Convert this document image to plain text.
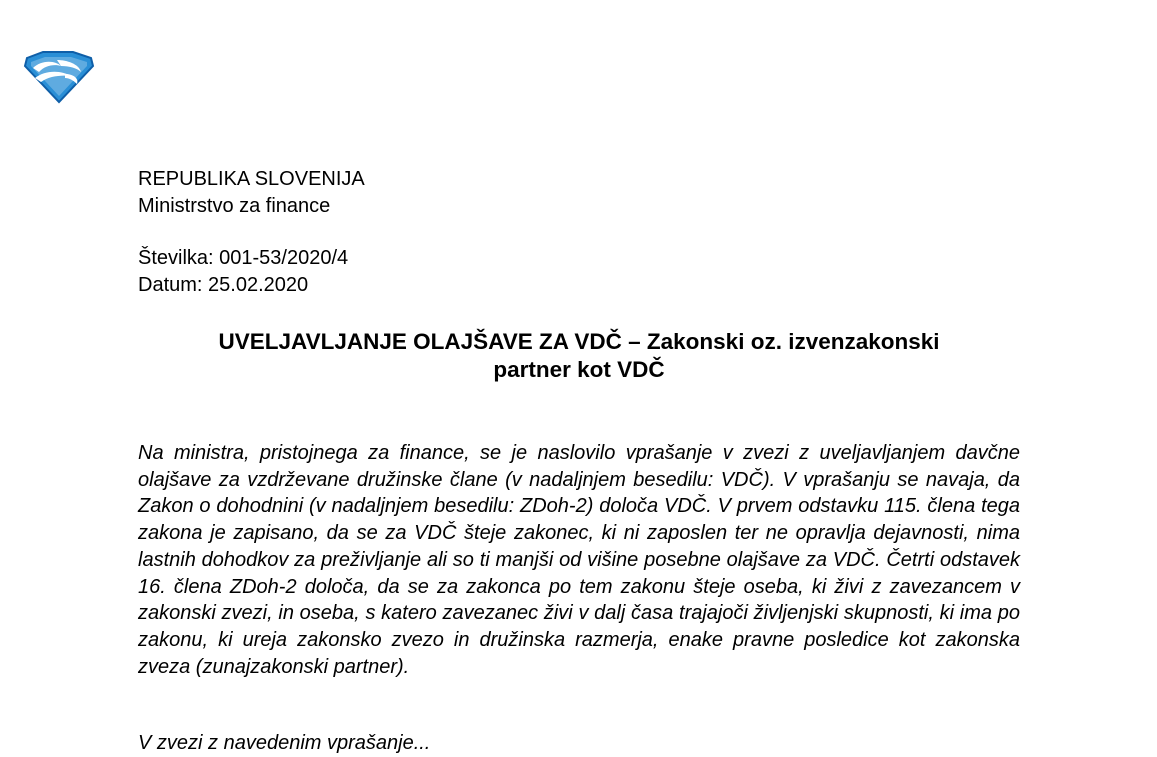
REPUBLIKA SLOVENIJA
Ministrstvo za finance
Številka: 001-53/2020/4
Datum: 25.02.2020
UVELJAVLJANJE OLAJŠAVE ZA VDČ – Zakonski oz. izvenzakonski
partner kot VDČ

Na ministra, pristojnega za finance, se je naslovilo vprašanje v zvezi z uveljavljanjem davčne olajšave za vzdrževane družinske člane (v nadaljnjem besedilu: VDČ). V vprašanju se navaja, da Zakon o dohodnini (v nadaljnjem besedilu: ZDoh-2) določa VDČ. V prvem odstavku 115. člena tega zakona je zapisano, da se za VDČ šteje zakonec, ki ni zaposlen ter ne opravlja dejavnosti, nima lastnih dohodkov za preživljanje ali so ti manjši od višine posebne olajšave za VDČ. Četrti odstavek 16. člena ZDoh-2 določa, da se za zakonca po tem zakonu šteje oseba, ki živi z zavezancem v zakonski zvezi, in oseba, s katero zavezanec živi v dalj časa trajajoči življenjski skupnosti, ki ima po zakonu, ki ureja zakonsko zvezo in družinska razmerja, enake pravne posledice kot zakonska zveza (zunajzakonski partner).

V zvezi z navedenim vprašanje...
